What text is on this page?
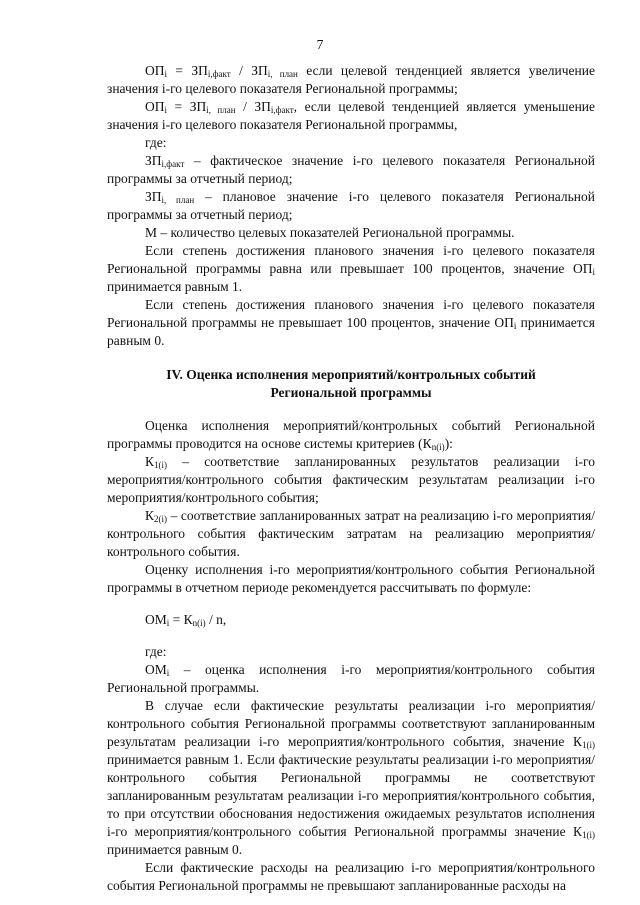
7

$ОП_i = ЗП_{i,факт} / ЗП_{i, план}$ если целевой тенденцией является увеличение значения i-го целевого показателя Региональной программы;

$ОП_i = ЗП_{i, план} / ЗП_{i,факт}$, если целевой тенденцией является уменьшение значения i-го целевого показателя Региональной программы,

где:

$ЗП_{i,факт}$ – фактическое значение i-го целевого показателя Региональной программы за отчетный период;

$ЗП_{i, план}$ – плановое значение i-го целевого показателя Региональной программы за отчетный период;

М – количество целевых показателей Региональной программы.

Если степень достижения планового значения i-го целевого показателя Региональной программы равна или превышает 100 процентов, значение $ОП_i$ принимается равным 1.

Если степень достижения планового значения i-го целевого показателя Региональной программы не превышает 100 процентов, значение $ОП_i$ принимается равным 0.

IV. Оценка исполнения мероприятий/контрольных событий
Региональной программы

Оценка исполнения мероприятий/контрольных событий Региональной программы проводится на основе системы критериев $(К_{n(i)})$:

$К_{1(i)}$ – соответствие запланированных результатов реализации i-го мероприятия/контрольного события фактическим результатам реализации i-го мероприятия/контрольного события;

$К_{2(i)}$ – соответствие запланированных затрат на реализацию i-го мероприятия/контрольного события фактическим затратам на реализацию мероприятия/контрольного события.

Оценку исполнения i-го мероприятия/контрольного события Региональной программы в отчетном периоде рекомендуется рассчитывать по формуле:

$ОМ_i = К_{n(i)} / n$,

где:

$ОМ_i$ – оценка исполнения i-го мероприятия/контрольного события Региональной программы.

В случае если фактические результаты реализации i-го мероприятия/контрольного события Региональной программы соответствуют запланированным результатам реализации i-го мероприятия/контрольного события, значение $К_{1(i)}$ принимается равным 1. Если фактические результаты реализации i-го мероприятия/контрольного события Региональной программы не соответствуют запланированным результатам реализации i-го мероприятия/контрольного события, то при отсутствии обоснования недостижения ожидаемых результатов исполнения i-го мероприятия/контрольного события Региональной программы значение $К_{1(i)}$ принимается равным 0.

Если фактические расходы на реализацию i-го мероприятия/контрольного события Региональной программы не превышают запланированные расходы на
